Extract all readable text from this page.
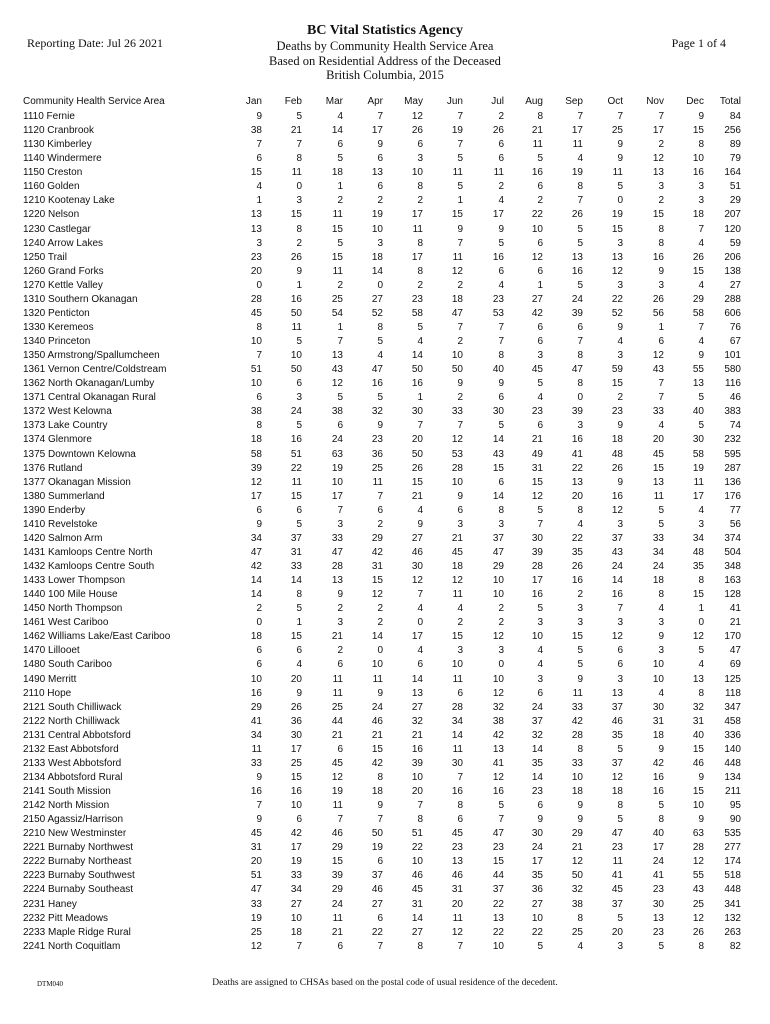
Reporting Date: Jul 26 2021
BC Vital Statistics Agency
Deaths by Community Health Service Area
Based on Residential Address of the Deceased
British Columbia, 2015
Page 1 of 4
Community Health Service Area	Jan	Feb	Mar	Apr	May	Jun	Jul	Aug	Sep	Oct	Nov	Dec	Total
1110 Fernie	9	5	4	7	12	7	2	8	7	7	7	9	84
1120 Cranbrook	38	21	14	17	26	19	26	21	17	25	17	15	256
1130 Kimberley	7	7	6	9	6	7	6	11	11	9	2	8	89
1140 Windermere	6	8	5	6	3	5	6	5	4	9	12	10	79
1150 Creston	15	11	18	13	10	11	11	16	19	11	13	16	164
1160 Golden	4	0	1	6	8	5	2	6	8	5	3	3	51
1210 Kootenay Lake	1	3	2	2	2	1	4	2	7	0	2	3	29
1220 Nelson	13	15	11	19	17	15	17	22	26	19	15	18	207
1230 Castlegar	13	8	15	10	11	9	9	10	5	15	8	7	120
1240 Arrow Lakes	3	2	5	3	8	7	5	6	5	3	8	4	59
1250 Trail	23	26	15	18	17	11	16	12	13	13	16	26	206
1260 Grand Forks	20	9	11	14	8	12	6	6	16	12	9	15	138
1270 Kettle Valley	0	1	2	0	2	2	4	1	5	3	3	4	27
1310 Southern Okanagan	28	16	25	27	23	18	23	27	24	22	26	29	288
1320 Penticton	45	50	54	52	58	47	53	42	39	52	56	58	606
1330 Keremeos	8	11	1	8	5	7	7	6	6	9	1	7	76
1340 Princeton	10	5	7	5	4	2	7	6	7	4	6	4	67
1350 Armstrong/Spallumcheen	7	10	13	4	14	10	8	3	8	3	12	9	101
1361 Vernon Centre/Coldstream	51	50	43	47	50	50	40	45	47	59	43	55	580
1362 North Okanagan/Lumby	10	6	12	16	16	9	9	5	8	15	7	13	116
1371 Central Okanagan Rural	6	3	5	5	1	2	6	4	0	2	7	5	46
1372 West Kelowna	38	24	38	32	30	33	30	23	39	23	33	40	383
1373 Lake Country	8	5	6	9	7	7	5	6	3	9	4	5	74
1374 Glenmore	18	16	24	23	20	12	14	21	16	18	20	30	232
1375 Downtown Kelowna	58	51	63	36	50	53	43	49	41	48	45	58	595
1376 Rutland	39	22	19	25	26	28	15	31	22	26	15	19	287
1377 Okanagan Mission	12	11	10	11	15	10	6	15	13	9	13	11	136
1380 Summerland	17	15	17	7	21	9	14	12	20	16	11	17	176
1390 Enderby	6	6	7	6	4	6	8	5	8	12	5	4	77
1410 Revelstoke	9	5	3	2	9	3	3	7	4	3	5	3	56
1420 Salmon Arm	34	37	33	29	27	21	37	30	22	37	33	34	374
1431 Kamloops Centre North	47	31	47	42	46	45	47	39	35	43	34	48	504
1432 Kamloops Centre South	42	33	28	31	30	18	29	28	26	24	24	35	348
1433 Lower Thompson	14	14	13	15	12	12	10	17	16	14	18	8	163
1440 100 Mile House	14	8	9	12	7	11	10	16	2	16	8	15	128
1450 North Thompson	2	5	2	2	4	4	2	5	3	7	4	1	41
1461 West Cariboo	0	1	3	2	0	2	2	3	3	3	3	0	21
1462 Williams Lake/East Cariboo	18	15	21	14	17	15	12	10	15	12	9	12	170
1470 Lillooet	6	6	2	0	4	3	3	4	5	6	3	5	47
1480 South Cariboo	6	4	6	10	6	10	0	4	5	6	10	4	69
1490 Merritt	10	20	11	11	14	11	10	3	9	3	10	13	125
2110 Hope	16	9	11	9	13	6	12	6	11	13	4	8	118
2121 South Chilliwack	29	26	25	24	27	28	32	24	33	37	30	32	347
2122 North Chilliwack	41	36	44	46	32	34	38	37	42	46	31	31	458
2131 Central Abbotsford	34	30	21	21	21	14	42	32	28	35	18	40	336
2132 East Abbotsford	11	17	6	15	16	11	13	14	8	5	9	15	140
2133 West Abbotsford	33	25	45	42	39	30	41	35	33	37	42	46	448
2134 Abbotsford Rural	9	15	12	8	10	7	12	14	10	12	16	9	134
2141 South Mission	16	16	19	18	20	16	16	23	18	18	16	15	211
2142 North Mission	7	10	11	9	7	8	5	6	9	8	5	10	95
2150 Agassiz/Harrison	9	6	7	7	8	6	7	9	9	5	8	9	90
2210 New Westminster	45	42	46	50	51	45	47	30	29	47	40	63	535
2221 Burnaby Northwest	31	17	29	19	22	23	23	24	21	23	17	28	277
2222 Burnaby Northeast	20	19	15	6	10	13	15	17	12	11	24	12	174
2223 Burnaby Southwest	51	33	39	37	46	46	44	35	50	41	41	55	518
2224 Burnaby Southeast	47	34	29	46	45	31	37	36	32	45	23	43	448
2231 Haney	33	27	24	27	31	20	22	27	38	37	30	25	341
2232 Pitt Meadows	19	10	11	6	14	11	13	10	8	5	13	12	132
2233 Maple Ridge Rural	25	18	21	22	27	12	22	22	25	20	23	26	263
2241 North Coquitlam	12	7	6	7	8	7	10	5	4	3	5	8	82
DTM040	Deaths are assigned to CHSAs based on the postal code of usual residence of the decedent.
